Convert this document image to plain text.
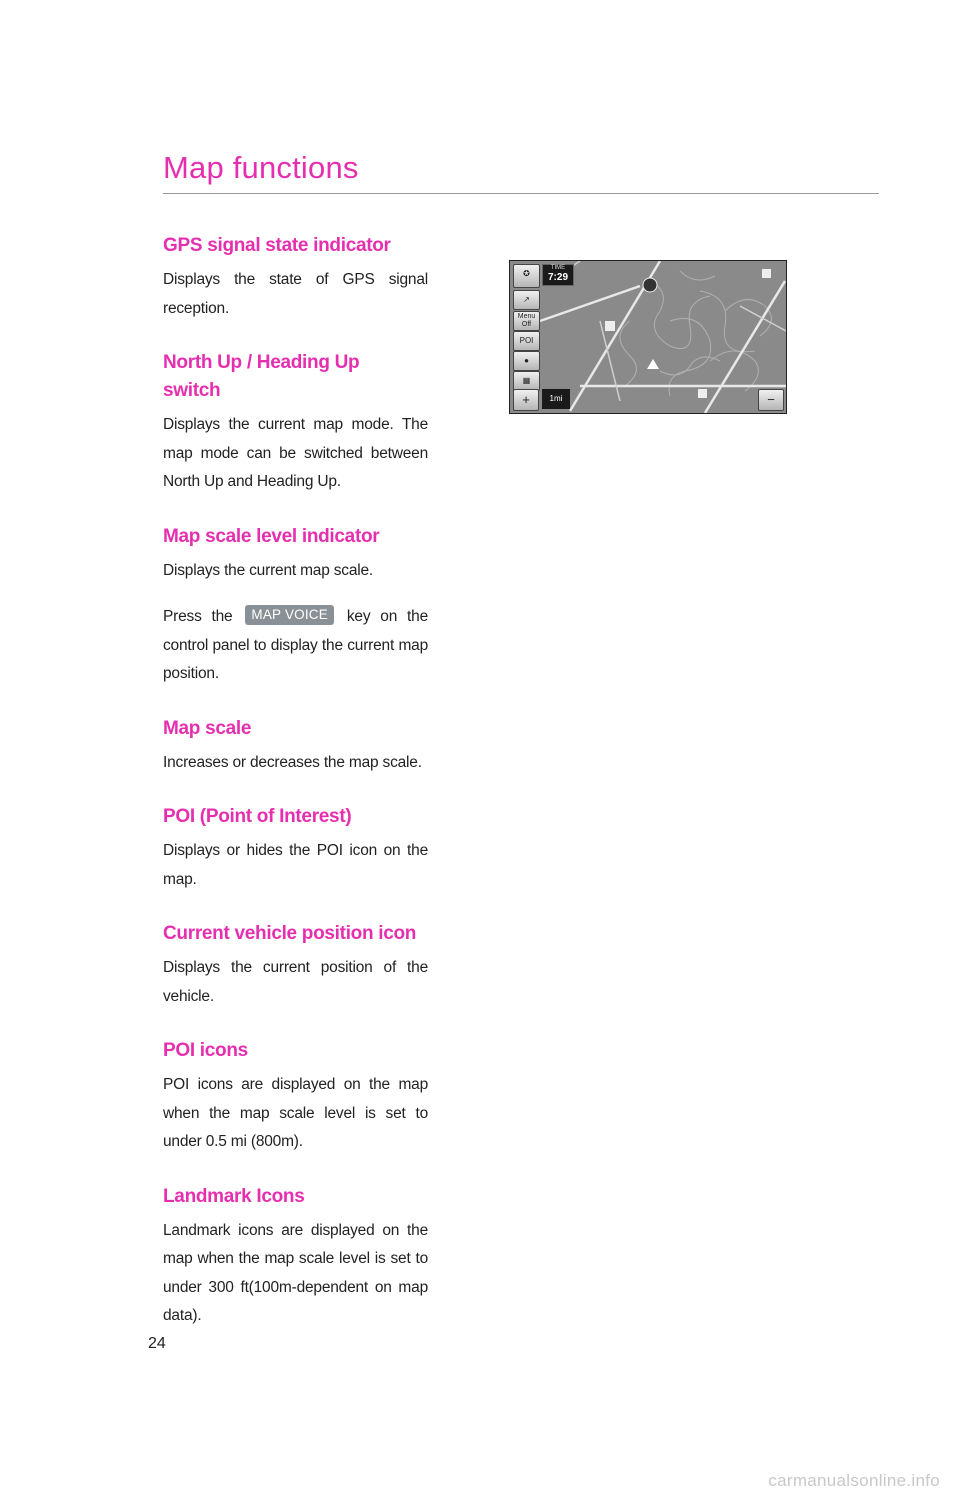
Map functions
GPS signal state indicator

Displays the state of GPS signal reception.

North Up / Heading Up switch

Displays the current map mode. The map mode can be switched between North Up and Heading Up.

Map scale level indicator

Displays the current map scale.

Press the MAP VOICE key on the control panel to display the current map position.

Map scale

Increases or decreases the map scale.

POI (Point of Interest)

Displays or hides the POI icon on the map.

Current vehicle position icon

Displays the current position of the vehicle.

POI icons

POI icons are displayed on the map when the map scale level is set to under 0.5 mi (800m).

Landmark Icons

Landmark icons are displayed on the map when the map scale level is set to under 300 ft(100m-dependent on map data).

✪
↗
Menu
Off
POI
●
▦
TIME
7:29
+	1mi	−
24
carmanualsonline.info
